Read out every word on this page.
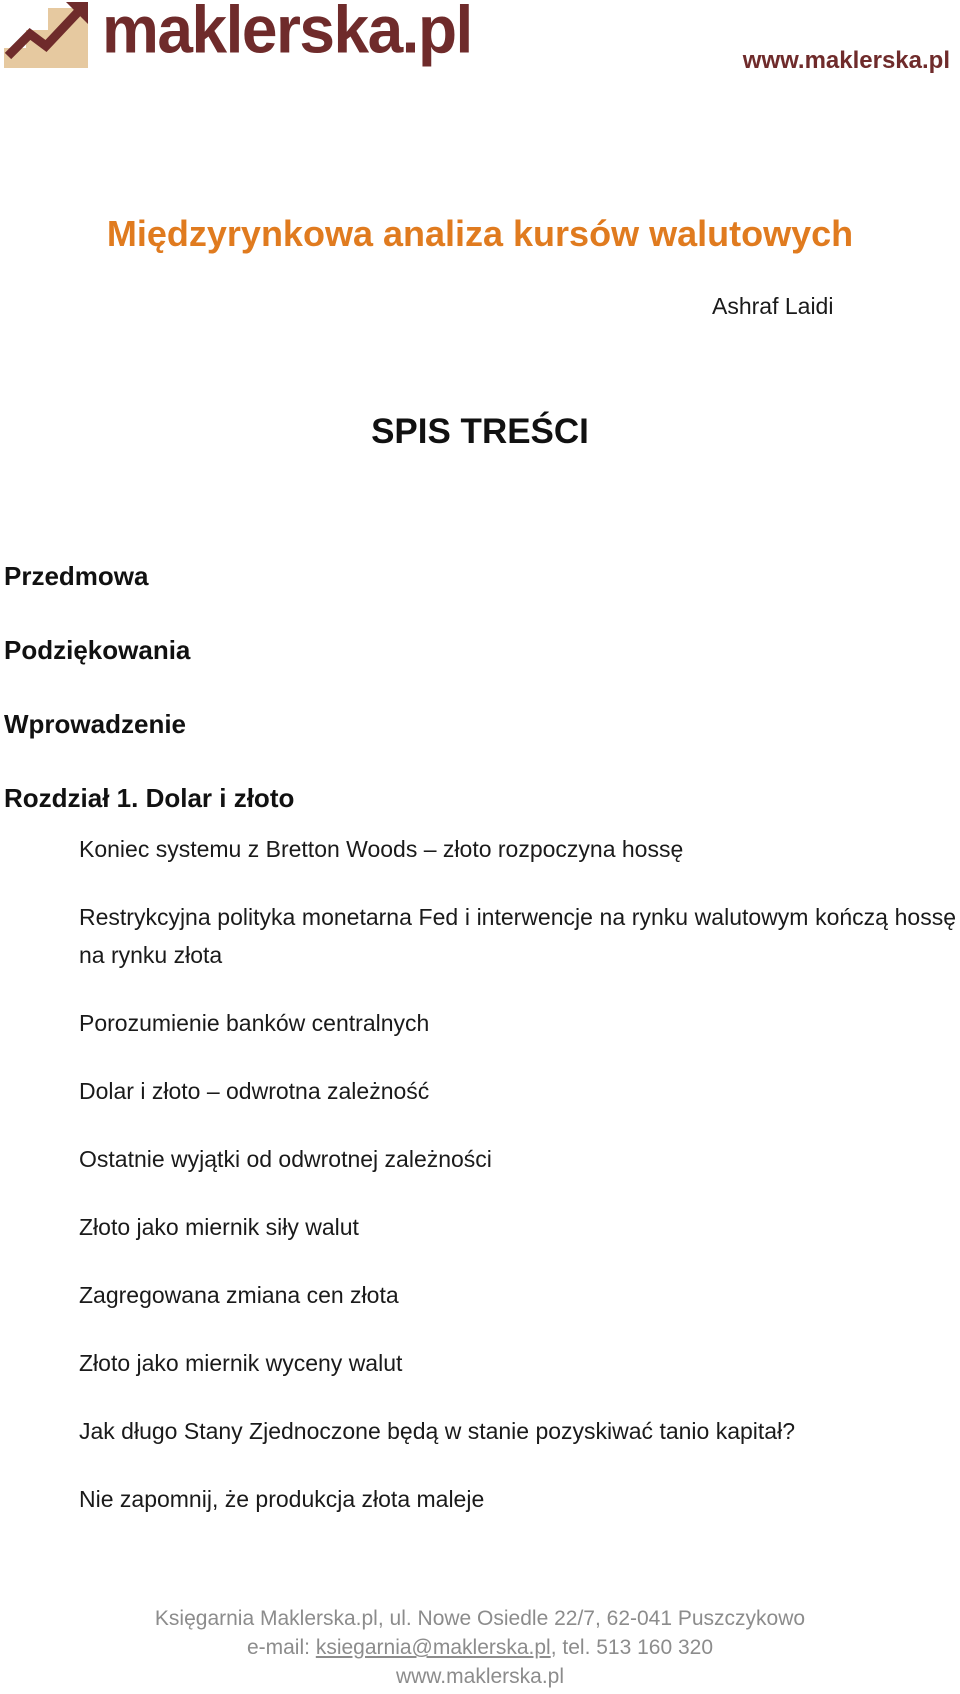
maklerska.pl	www.maklerska.pl
Międzyrynkowa analiza kursów walutowych
Ashraf Laidi
SPIS TREŚCI
Przedmowa
Podziękowania
Wprowadzenie
Rozdział 1. Dolar i złoto
Koniec systemu z Bretton Woods – złoto rozpoczyna hossę
Restrykcyjna polityka monetarna Fed i interwencje na rynku walutowym kończą hossę na rynku złota
Porozumienie banków centralnych
Dolar i złoto – odwrotna zależność
Ostatnie wyjątki od odwrotnej zależności
Złoto jako miernik siły walut
Zagregowana zmiana cen złota
Złoto jako miernik wyceny walut
Jak długo Stany Zjednoczone będą w stanie pozyskiwać tanio kapitał?
Nie zapomnij, że produkcja złota maleje
Księgarnia Maklerska.pl, ul. Nowe Osiedle 22/7, 62-041 Puszczykowo
e-mail: ksiegarnia@maklerska.pl, tel. 513 160 320
www.maklerska.pl
